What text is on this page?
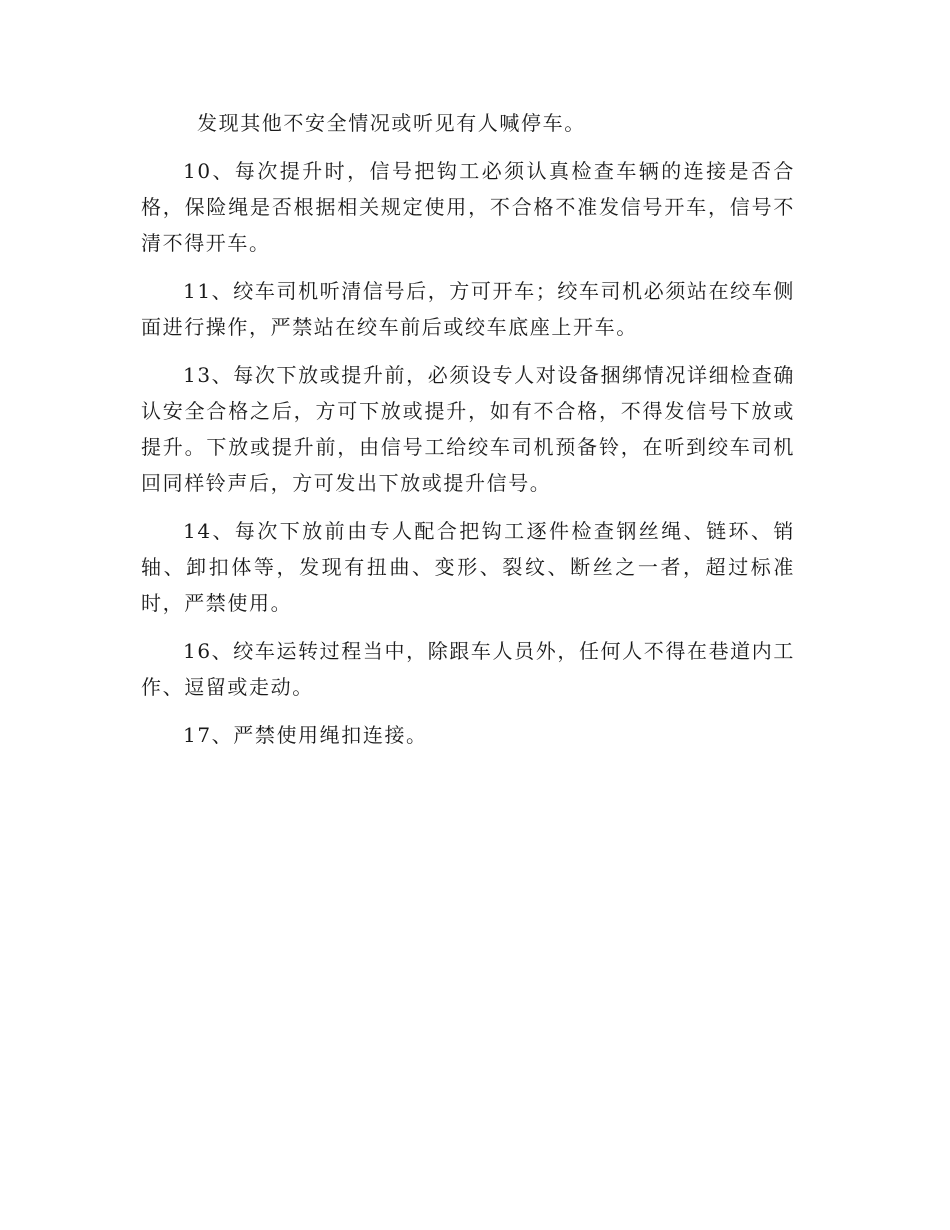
发现其他不安全情况或听见有人喊停车。

10、每次提升时，信号把钩工必须认真检查车辆的连接是否合格，保险绳是否根据相关规定使用，不合格不准发信号开车，信号不清不得开车。

11、绞车司机听清信号后，方可开车；绞车司机必须站在绞车侧面进行操作，严禁站在绞车前后或绞车底座上开车。

13、每次下放或提升前，必须设专人对设备捆绑情况详细检查确认安全合格之后，方可下放或提升，如有不合格，不得发信号下放或提升。下放或提升前，由信号工给绞车司机预备铃，在听到绞车司机回同样铃声后，方可发出下放或提升信号。

14、每次下放前由专人配合把钩工逐件检查钢丝绳、链环、销轴、卸扣体等，发现有扭曲、变形、裂纹、断丝之一者，超过标准时，严禁使用。

16、绞车运转过程当中，除跟车人员外，任何人不得在巷道内工作、逗留或走动。

17、严禁使用绳扣连接。
